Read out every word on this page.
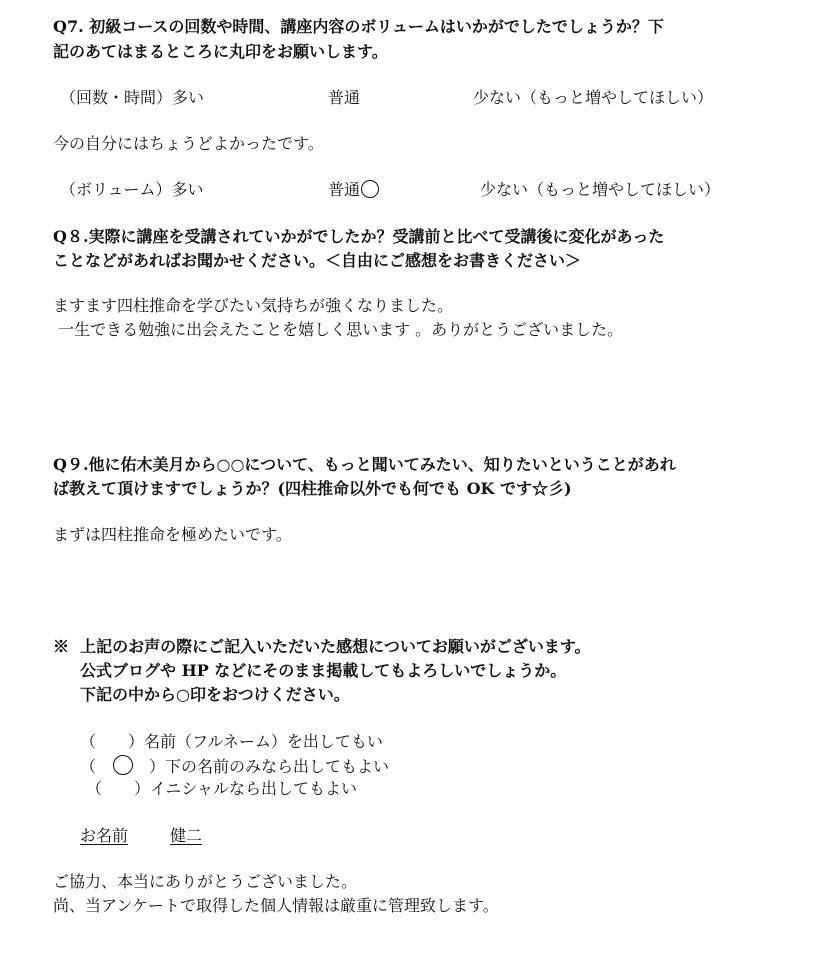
Q7. 初級コースの回数や時間、講座内容のボリュームはいかがでしたでしょうか？下
記のあてはまるところに丸印をお願いします。
（回数・時間）多い	普通	少ない（もっと増やしてほしい）
今の自分にはちょうどよかったです。
（ボリューム）多い	普通	少ない（もっと増やしてほしい）
Q８.実際に講座を受講されていかがでしたか？受講前と比べて受講後に変化があった
ことなどがあればお聞かせください。＜自由にご感想をお書きください＞
ますます四柱推命を学びたい気持ちが強くなりました。
一生できる勉強に出会えたことを嬉しく思います 。ありがとうございました。
Q９.他に佑木美月から○○について、もっと聞いてみたい、知りたいということがあれ
ば教えて頂けますでしょうか？(四柱推命以外でも何でも OK です☆彡)
まずは四柱推命を極めたいです。
※  上記のお声の際にご記入いただいた感想についてお願いがございます。
公式ブログや HP などにそのまま掲載してもよろしいでしょうか。
下記の中から○印をおつけください。
（　　）名前（フルネーム）を出してもい
（　　）下の名前のみなら出してもよい
（　　）イニシャルなら出してもよい
お名前	健二
ご協力、本当にありがとうございました。
尚、当アンケートで取得した個人情報は厳重に管理致します。
